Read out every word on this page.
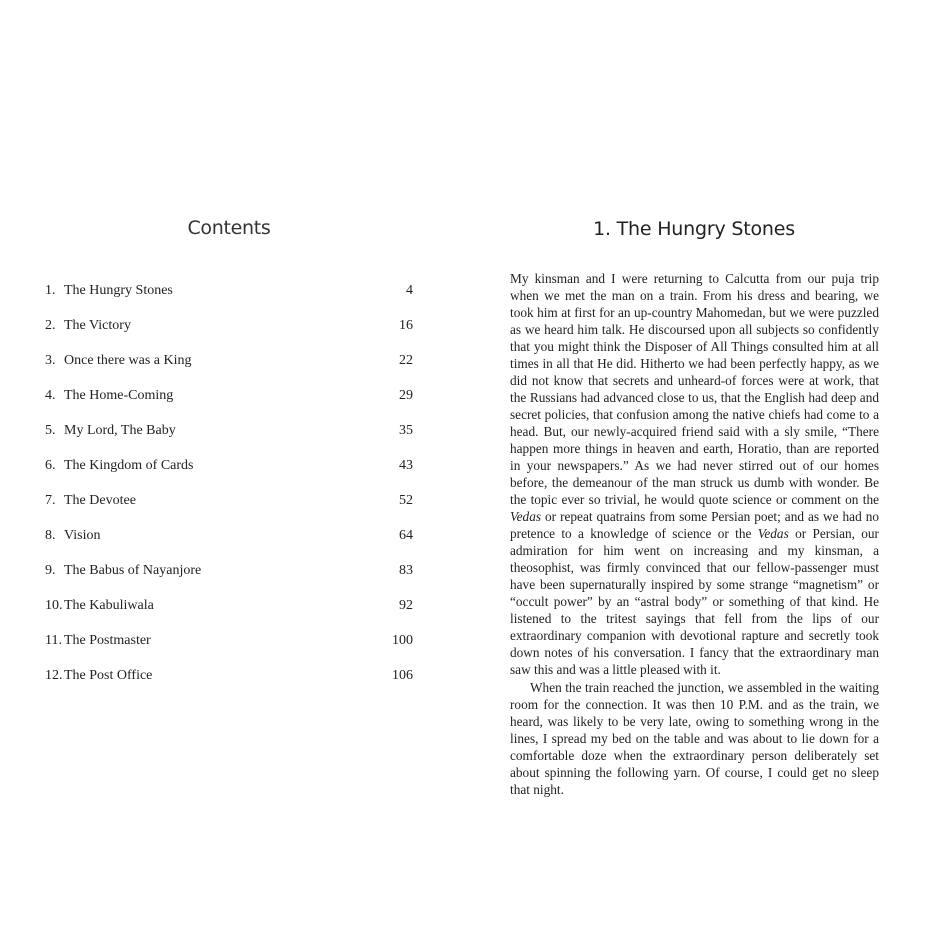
Contents
1. The Hungry Stones	4
2. The Victory	16
3. Once there was a King	22
4. The Home-Coming	29
5. My Lord, The Baby	35
6. The Kingdom of Cards	43
7. The Devotee	52
8. Vision	64
9. The Babus of Nayanjore	83
10. The Kabuliwala	92
11. The Postmaster	100
12. The Post Office	106
1. The Hungry Stones

My kinsman and I were returning to Calcutta from our puja trip when we met the man on a train. From his dress and bearing, we took him at first for an up-country Mahomedan, but we were puzzled as we heard him talk. He discoursed upon all subjects so confidently that you might think the Disposer of All Things consulted him at all times in all that He did. Hitherto we had been perfectly happy, as we did not know that secrets and unheard-of forces were at work, that the Russians had advanced close to us, that the English had deep and secret policies, that confusion among the native chiefs had come to a head. But, our newly-acquired friend said with a sly smile, “There happen more things in heaven and earth, Horatio, than are reported in your newspapers.” As we had never stirred out of our homes before, the demeanour of the man struck us dumb with wonder. Be the topic ever so trivial, he would quote science or comment on the Vedas or repeat quatrains from some Persian poet; and as we had no pretence to a knowledge of science or the Vedas or Persian, our admiration for him went on increasing and my kinsman, a theosophist, was firmly convinced that our fellow-passenger must have been supernaturally inspired by some strange “magnetism” or “occult power” by an “astral body” or something of that kind. He listened to the tritest sayings that fell from the lips of our extraordinary companion with devotional rapture and secretly took down notes of his conversation. I fancy that the extraordinary man saw this and was a little pleased with it.

When the train reached the junction, we assembled in the waiting room for the connection. It was then 10 P.M. and as the train, we heard, was likely to be very late, owing to something wrong in the lines, I spread my bed on the table and was about to lie down for a comfortable doze when the extraordinary person deliberately set about spinning the following yarn. Of course, I could get no sleep that night.
